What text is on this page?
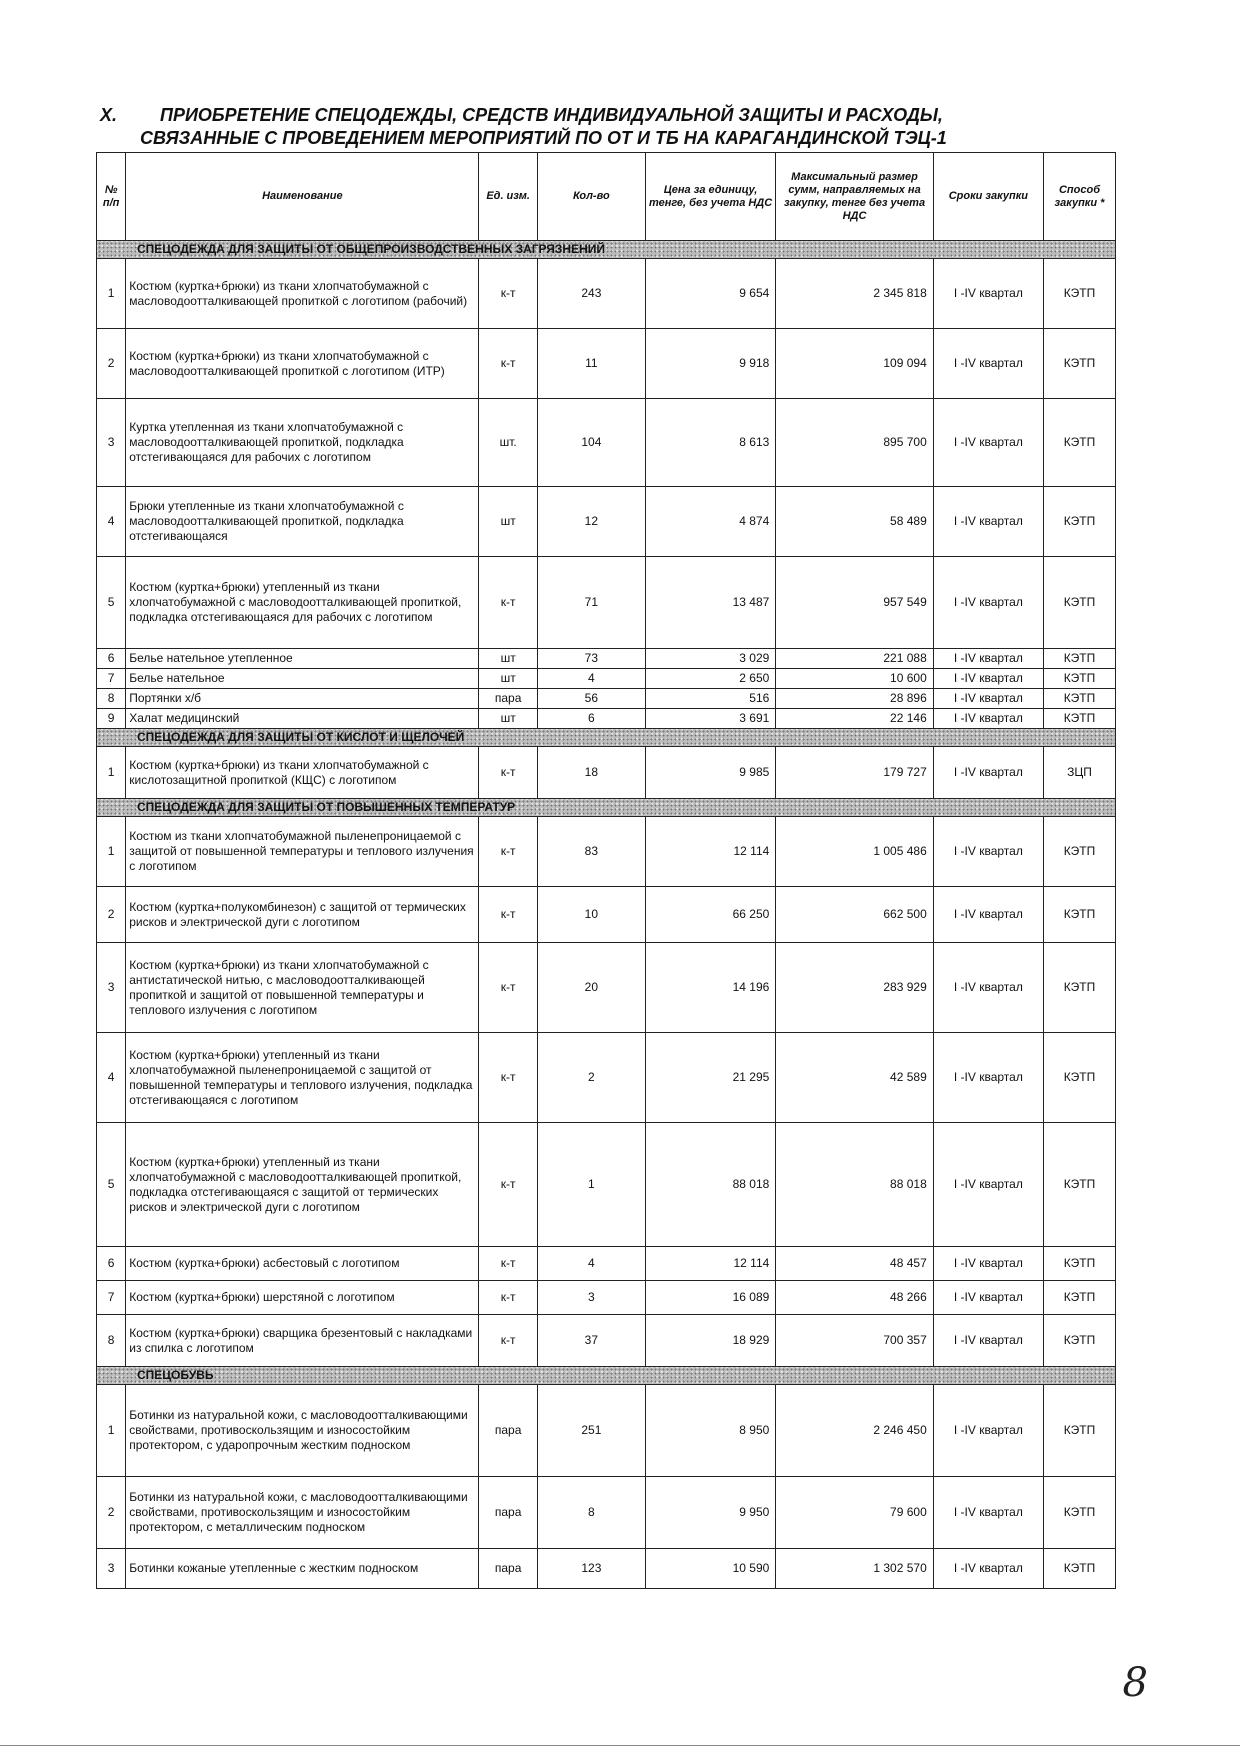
X. ПРИОБРЕТЕНИЕ СПЕЦОДЕЖДЫ, СРЕДСТВ ИНДИВИДУАЛЬНОЙ ЗАЩИТЫ И РАСХОДЫ,
СВЯЗАННЫЕ С ПРОВЕДЕНИЕМ МЕРОПРИЯТИЙ ПО ОТ И ТБ НА КАРАГАНДИНСКОЙ ТЭЦ-1
№ п/п	Наименование	Ед. изм.	Кол-во	Цена за единицу, тенге, без учета НДС	Максимальный размер сумм, направляемых на закупку, тенге без учета НДС	Сроки закупки	Способ закупки *
СПЕЦОДЕЖДА ДЛЯ ЗАЩИТЫ ОТ ОБЩЕПРОИЗВОДСТВЕННЫХ ЗАГРЯЗНЕНИЙ							
1	Костюм (куртка+брюки) из ткани хлопчатобумажной с масловодоотталкивающей пропиткой с логотипом (рабочий)	к-т	243	9 654	2 345 818	I -IV квартал	КЭТП
2	Костюм (куртка+брюки) из ткани хлопчатобумажной с масловодоотталкивающей пропиткой с логотипом (ИТР)	к-т	11	9 918	109 094	I -IV квартал	КЭТП
3	Куртка утепленная из ткани хлопчатобумажной с масловодоотталкивающей пропиткой, подкладка отстегивающаяся для рабочих с логотипом	шт.	104	8 613	895 700	I -IV квартал	КЭТП
4	Брюки утепленные из ткани хлопчатобумажной с масловодоотталкивающей пропиткой, подкладка отстегивающаяся	шт	12	4 874	58 489	I -IV квартал	КЭТП
5	Костюм (куртка+брюки) утепленный из ткани хлопчатобумажной с масловодоотталкивающей пропиткой, подкладка отстегивающаяся для рабочих с логотипом	к-т	71	13 487	957 549	I -IV квартал	КЭТП
6	Белье нательное утепленное	шт	73	3 029	221 088	I -IV квартал	КЭТП
7	Белье нательное	шт	4	2 650	10 600	I -IV квартал	КЭТП
8	Портянки х/б	пара	56	516	28 896	I -IV квартал	КЭТП
9	Халат медицинский	шт	6	3 691	22 146	I -IV квартал	КЭТП
СПЕЦОДЕЖДА ДЛЯ ЗАЩИТЫ ОТ КИСЛОТ И ЩЕЛОЧЕЙ							
1	Костюм (куртка+брюки) из ткани хлопчатобумажной с кислотозащитной пропиткой (КЩС) с логотипом	к-т	18	9 985	179 727	I -IV квартал	ЗЦП
СПЕЦОДЕЖДА ДЛЯ ЗАЩИТЫ ОТ ПОВЫШЕННЫХ ТЕМПЕРАТУР							
1	Костюм из ткани хлопчатобумажной пыленепроницаемой с защитой от повышенной температуры и теплового излучения с логотипом	к-т	83	12 114	1 005 486	I -IV квартал	КЭТП
2	Костюм (куртка+полукомбинезон) с защитой от термических рисков и электрической дуги с логотипом	к-т	10	66 250	662 500	I -IV квартал	КЭТП
3	Костюм (куртка+брюки) из ткани хлопчатобумажной с антистатической нитью, с масловодоотталкивающей пропиткой и защитой от повышенной температуры и теплового излучения с логотипом	к-т	20	14 196	283 929	I -IV квартал	КЭТП
4	Костюм (куртка+брюки) утепленный из ткани хлопчатобумажной пыленепроницаемой с защитой от повышенной температуры и теплового излучения, подкладка отстегивающаяся с логотипом	к-т	2	21 295	42 589	I -IV квартал	КЭТП
5	Костюм (куртка+брюки) утепленный из ткани хлопчатобумажной с масловодоотталкивающей пропиткой, подкладка отстегивающаяся с защитой от термических рисков и электрической дуги с логотипом	к-т	1	88 018	88 018	I -IV квартал	КЭТП
6	Костюм (куртка+брюки) асбестовый с логотипом	к-т	4	12 114	48 457	I -IV квартал	КЭТП
7	Костюм (куртка+брюки) шерстяной с логотипом	к-т	3	16 089	48 266	I -IV квартал	КЭТП
8	Костюм (куртка+брюки) сварщика брезентовый с накладками из спилка с логотипом	к-т	37	18 929	700 357	I -IV квартал	КЭТП
СПЕЦОБУВЬ							
1	Ботинки из натуральной кожи, с масловодоотталкивающими свойствами, противоскользящим и износостойким протектором, с ударопрочным жестким подноском	пара	251	8 950	2 246 450	I -IV квартал	КЭТП
2	Ботинки из натуральной кожи, с масловодоотталкивающими свойствами, противоскользящим и износостойким протектором, с металлическим подноском	пара	8	9 950	79 600	I -IV квартал	КЭТП
3	Ботинки кожаные утепленные с жестким подноском	пара	123	10 590	1 302 570	I -IV квартал	КЭТП
8
